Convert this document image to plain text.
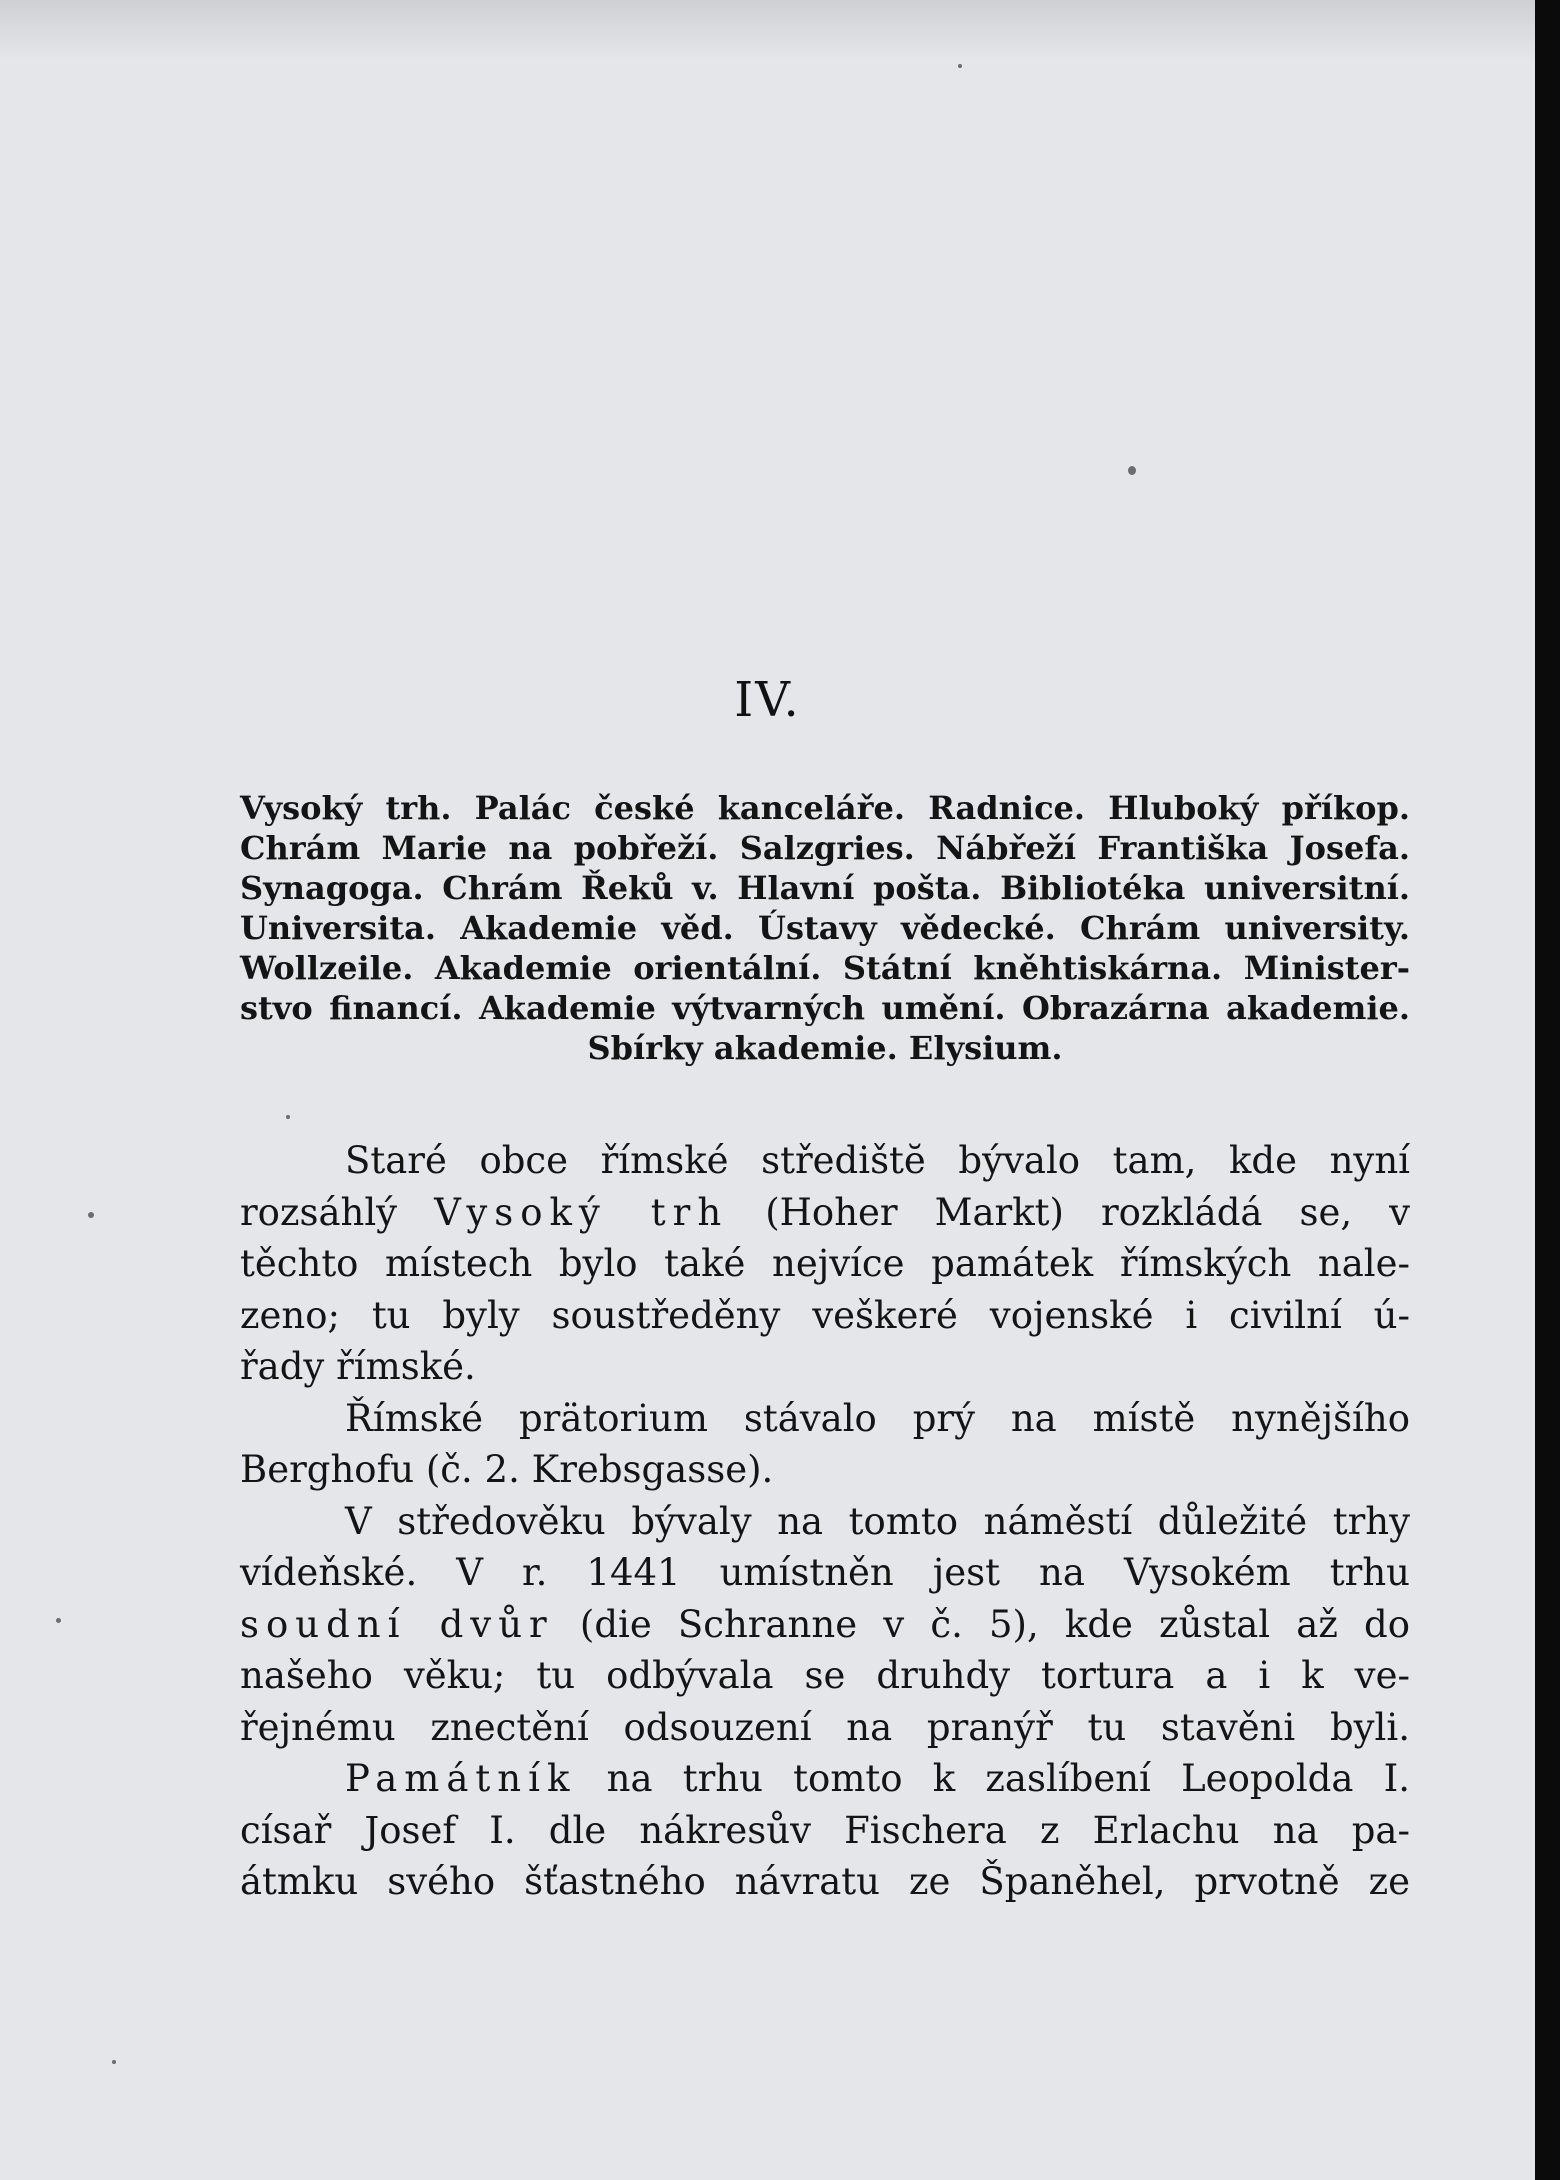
IV.
Vysoký trh. Palác české kanceláře. Radnice. Hluboký příkop.
Chrám Marie na pobřeží. Salzgries. Nábřeží Františka Josefa.
Synagoga. Chrám Řeků v. Hlavní pošta. Bibliotéka universitní.
Universita. Akademie věd. Ústavy vědecké. Chrám university.
Wollzeile. Akademie orientální. Státní kněhtiskárna. Minister-
stvo financí. Akademie výtvarných umění. Obrazárna akademie.
Sbírky akademie. Elysium.
Staré obce římské středištĕ bývalo tam, kde nyní
rozsáhlý Vysoký trh (Hoher Markt) rozkládá se, v
těchto místech bylo také nejvíce památek římských nale-
zeno; tu byly soustředěny veškeré vojenské i civilní ú-
řady římské.
Římské prätorium stávalo prý na místě nynějšího
Berghofu (č. 2. Krebsgasse).
V středověku bývaly na tomto náměstí důležité trhy
vídeňské. V r. 1441 umístněn jest na Vysokém trhu
soudní dvůr (die Schranne v č. 5), kde zůstal až do
našeho věku; tu odbývala se druhdy tortura a i k ve-
řejnému znectění odsouzení na pranýř tu stavěni byli.
Památník na trhu tomto k zaslíbení Leopolda I.
císař Josef I. dle nákresův Fischera z Erlachu na pa-
átmku svého šťastného návratu ze Španěhel, prvotně ze
